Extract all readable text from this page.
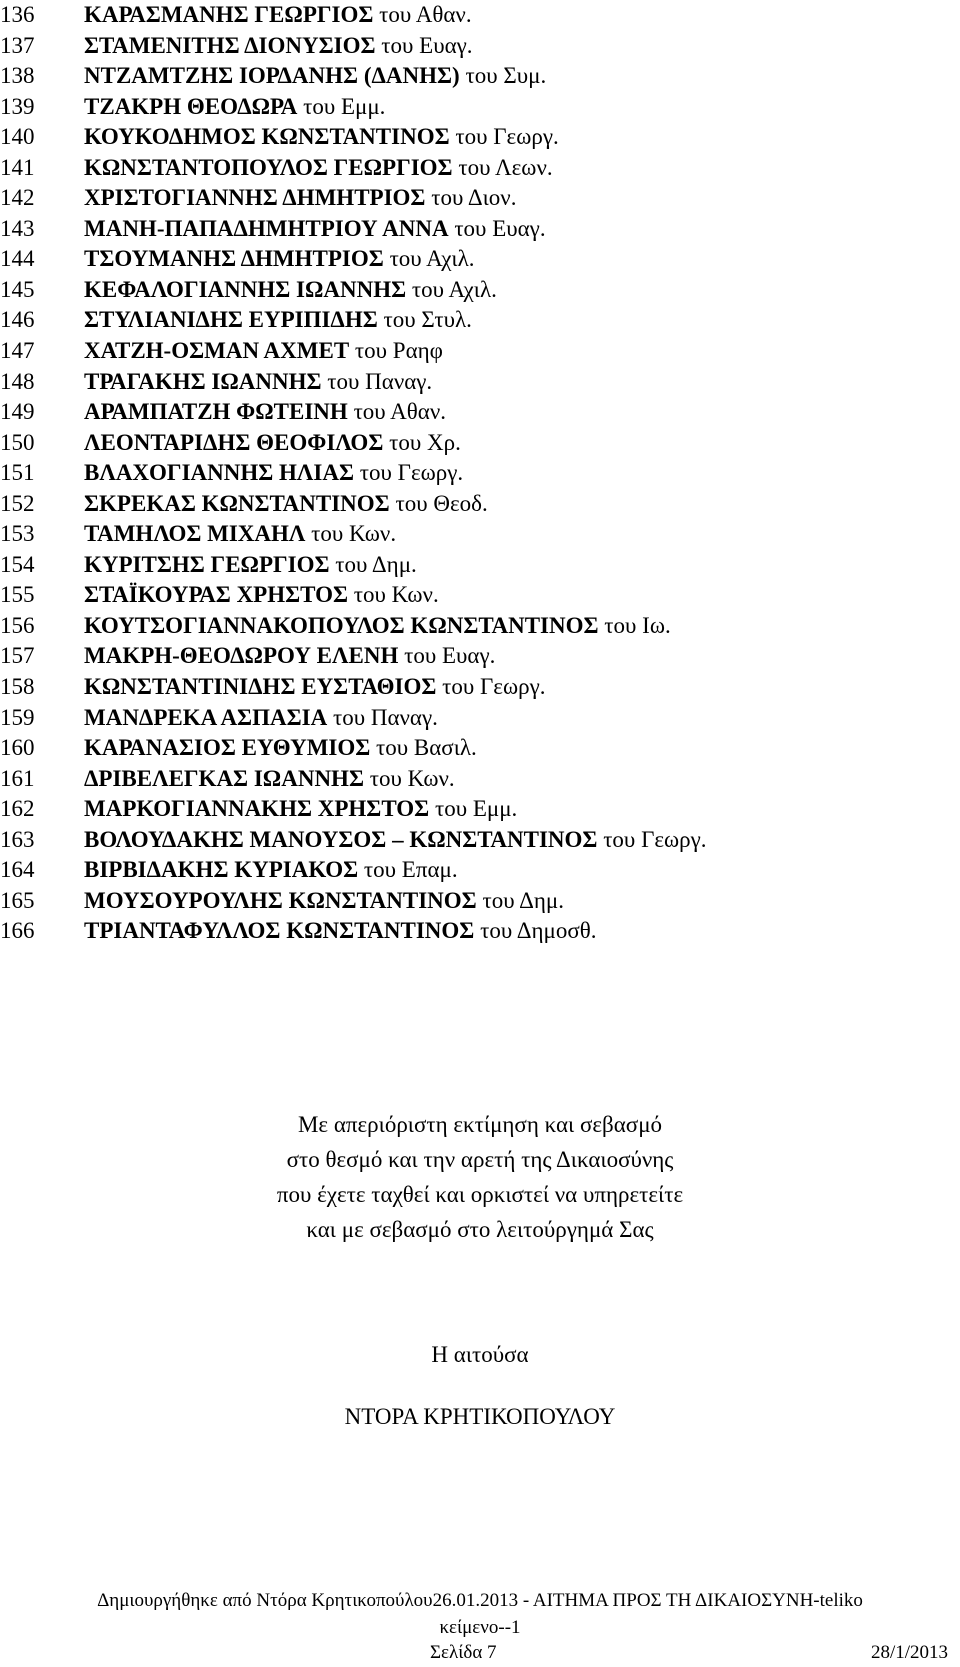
136	ΚΑΡΑΣΜΑΝΗΣ ΓΕΩΡΓΙΟΣ του Αθαν.
137	ΣΤΑΜΕΝΙΤΗΣ ΔΙΟΝΥΣΙΟΣ του Ευαγ.
138	ΝΤΖΑΜΤΖΗΣ ΙΟΡΔΑΝΗΣ (ΔΑΝΗΣ) του Συμ.
139	ΤΖΑΚΡΗ ΘΕΟΔΩΡΑ του Εμμ.
140	ΚΟΥΚΟΔΗΜΟΣ ΚΩΝΣΤΑΝΤΙΝΟΣ του Γεωργ.
141	ΚΩΝΣΤΑΝΤΟΠΟΥΛΟΣ ΓΕΩΡΓΙΟΣ του Λεων.
142	ΧΡΙΣΤΟΓΙΑΝΝΗΣ ΔΗΜΗΤΡΙΟΣ του Διον.
143	ΜΑΝΗ-ΠΑΠΑΔΗΜΗΤΡΙΟΥ ΑΝΝΑ του Ευαγ.
144	ΤΣΟΥΜΑΝΗΣ ΔΗΜΗΤΡΙΟΣ του Αχιλ.
145	ΚΕΦΑΛΟΓΙΑΝΝΗΣ ΙΩΑΝΝΗΣ του Αχιλ.
146	ΣΤΥΛΙΑΝΙΔΗΣ ΕΥΡΙΠΙΔΗΣ του Στυλ.
147	ΧΑΤΖΗ-ΟΣΜΑΝ ΑΧΜΕΤ του Ραηφ
148	ΤΡΑΓΑΚΗΣ ΙΩΑΝΝΗΣ του Παναγ.
149	ΑΡΑΜΠΑΤΖΗ ΦΩΤΕΙΝΗ του Αθαν.
150	ΛΕΟΝΤΑΡΙΔΗΣ ΘΕΟΦΙΛΟΣ του Χρ.
151	ΒΛΑΧΟΓΙΑΝΝΗΣ ΗΛΙΑΣ του Γεωργ.
152	ΣΚΡΕΚΑΣ ΚΩΝΣΤΑΝΤΙΝΟΣ του Θεοδ.
153	ΤΑΜΗΛΟΣ ΜΙΧΑΗΛ του Κων.
154	ΚΥΡΙΤΣΗΣ ΓΕΩΡΓΙΟΣ του Δημ.
155	ΣΤΑΪΚΟΥΡΑΣ ΧΡΗΣΤΟΣ του Κων.
156	ΚΟΥΤΣΟΓΙΑΝΝΑΚΟΠΟΥΛΟΣ ΚΩΝΣΤΑΝΤΙΝΟΣ του Ιω.
157	ΜΑΚΡΗ-ΘΕΟΔΩΡΟΥ ΕΛΕΝΗ του Ευαγ.
158	ΚΩΝΣΤΑΝΤΙΝΙΔΗΣ ΕΥΣΤΑΘΙΟΣ του Γεωργ.
159	ΜΑΝΔΡΕΚΑ ΑΣΠΑΣΙΑ του Παναγ.
160	ΚΑΡΑΝΑΣΙΟΣ ΕΥΘΥΜΙΟΣ του Βασιλ.
161	ΔΡΙΒΕΛΕΓΚΑΣ ΙΩΑΝΝΗΣ του Κων.
162	ΜΑΡΚΟΓΙΑΝΝΑΚΗΣ ΧΡΗΣΤΟΣ του Εμμ.
163	ΒΟΛΟΥΔΑΚΗΣ ΜΑΝΟΥΣΟΣ – ΚΩΝΣΤΑΝΤΙΝΟΣ του Γεωργ.
164	ΒΙΡΒΙΔΑΚΗΣ ΚΥΡΙΑΚΟΣ του Επαμ.
165	ΜΟΥΣΟΥΡΟΥΛΗΣ ΚΩΝΣΤΑΝΤΙΝΟΣ του Δημ.
166	ΤΡΙΑΝΤΑΦΥΛΛΟΣ ΚΩΝΣΤΑΝΤΙΝΟΣ του Δημοσθ.
Με απεριόριστη εκτίμηση και σεβασμό
στο θεσμό και την αρετή της Δικαιοσύνης
που έχετε ταχθεί και ορκιστεί να υπηρετείτε
και με σεβασμό στο λειτούργημά Σας
Η αιτούσα
ΝΤΟΡΑ ΚΡΗΤΙΚΟΠΟΥΛΟΥ
Δημιουργήθηκε από Ντόρα Κρητικοπούλου26.01.2013 - ΑΙΤΗΜΑ ΠΡΟΣ ΤΗ ΔΙΚΑΙΟΣΥΝΗ-teliko
κείμενο--1
Σελίδα 7	28/1/2013
